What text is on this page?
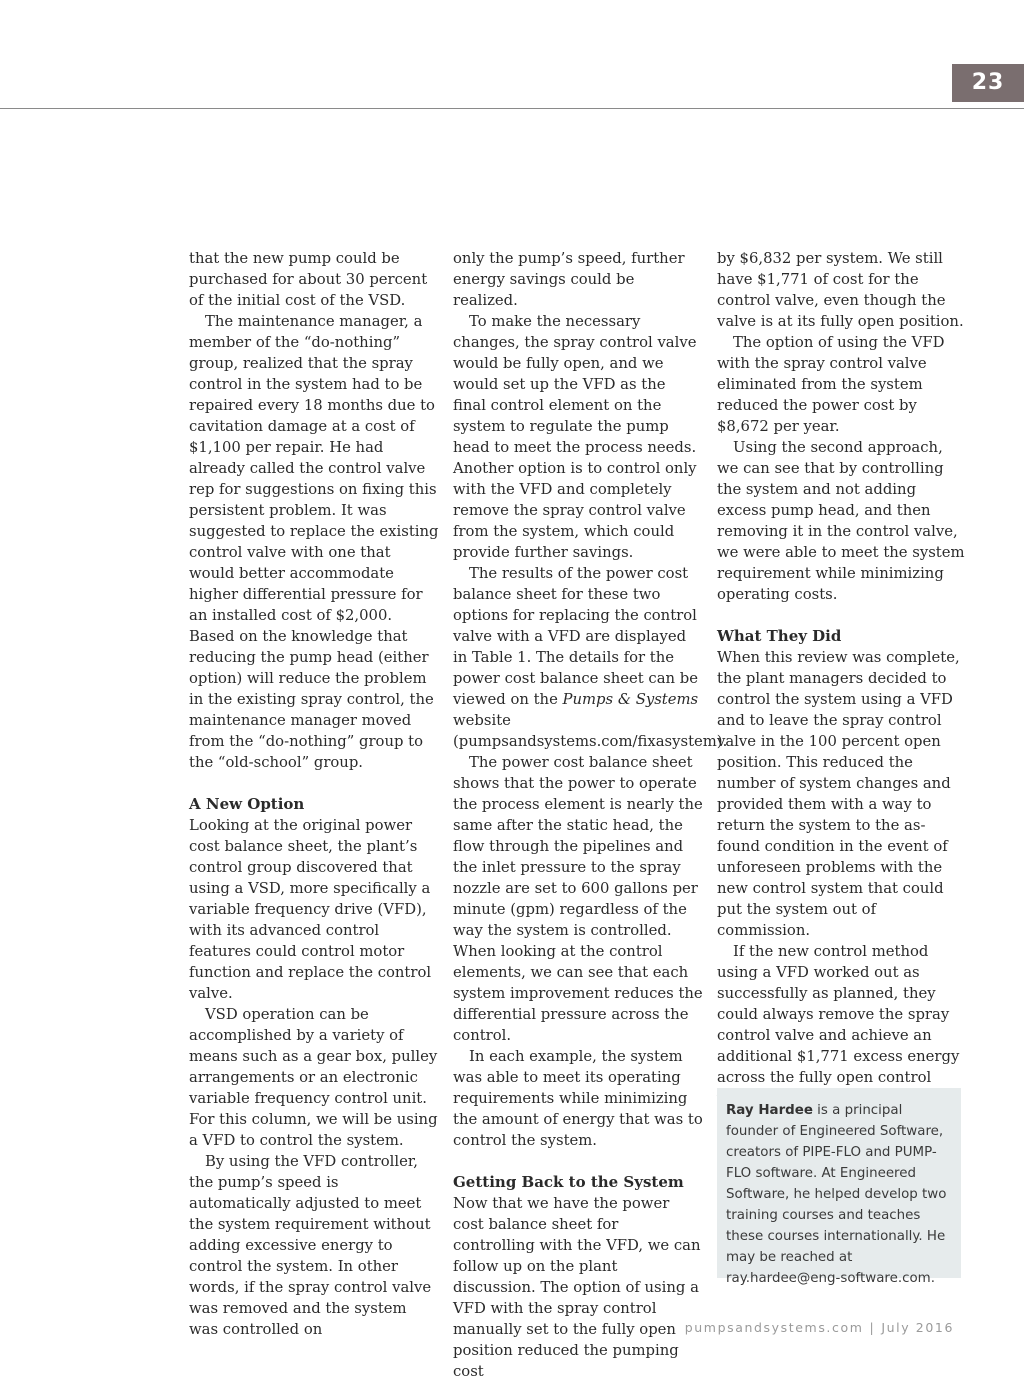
23

that the new pump could be purchased for about 30 percent of the initial cost of the VSD.

The maintenance manager, a member of the “do-nothing” group, realized that the spray control in the system had to be repaired every 18 months due to cavitation damage at a cost of $1,100 per repair. He had already called the control valve rep for suggestions on fixing this persistent problem. It was suggested to replace the existing control valve with one that would better accommodate higher differential pressure for an installed cost of $2,000. Based on the knowledge that reducing the pump head (either option) will reduce the problem in the existing spray control, the maintenance manager moved from the “do-nothing” group to the “old-school” group.

A New Option

Looking at the original power cost balance sheet, the plant’s control group discovered that using a VSD, more specifically a variable frequency drive (VFD), with its advanced control features could control motor function and replace the control valve.

VSD operation can be accomplished by a variety of means such as a gear box, pulley arrangements or an electronic variable frequency control unit. For this column, we will be using a VFD to control the system.

By using the VFD controller, the pump’s speed is automatically adjusted to meet the system requirement without adding excessive energy to control the system. In other words, if the spray control valve was removed and the system was controlled on

only the pump’s speed, further energy savings could be realized.

To make the necessary changes, the spray control valve would be fully open, and we would set up the VFD as the final control element on the system to regulate the pump head to meet the process needs. Another option is to control only with the VFD and completely remove the spray control valve from the system, which could provide further savings.

The results of the power cost balance sheet for these two options for replacing the control valve with a VFD are displayed in Table 1. The details for the power cost balance sheet can be viewed on the Pumps & Systems website (pumpsandsystems.com/fixasystem).

The power cost balance sheet shows that the power to operate the process element is nearly the same after the static head, the flow through the pipelines and the inlet pressure to the spray nozzle are set to 600 gallons per minute (gpm) regardless of the way the system is controlled. When looking at the control elements, we can see that each system improvement reduces the differential pressure across the control.

In each example, the system was able to meet its operating requirements while minimizing the amount of energy that was to control the system.

Getting Back to the System

Now that we have the power cost balance sheet for controlling with the VFD, we can follow up on the plant discussion. The option of using a VFD with the spray control manually set to the fully open position reduced the pumping cost

by $6,832 per system. We still have $1,771 of cost for the control valve, even though the valve is at its fully open position.

The option of using the VFD with the spray control valve eliminated from the system reduced the power cost by $8,672 per year.

Using the second approach, we can see that by controlling the system and not adding excess pump head, and then removing it in the control valve, we were able to meet the system requirement while minimizing operating costs.

What They Did

When this review was complete, the plant managers decided to control the system using a VFD and to leave the spray control valve in the 100 percent open position. This reduced the number of system changes and provided them with a way to return the system to the as-found condition in the event of unforeseen problems with the new control system that could put the system out of commission.

If the new control method using a VFD worked out as successfully as planned, they could always remove the spray control valve and achieve an additional $1,771 excess energy across the fully open control

Ray Hardee is a principal founder of Engineered Software, creators of PIPE-FLO and PUMP-FLO software. At Engineered Software, he helped develop two training courses and teaches these courses internationally. He may be reached at ray.hardee@eng-software.com.
pumpsandsystems.com | July 2016
